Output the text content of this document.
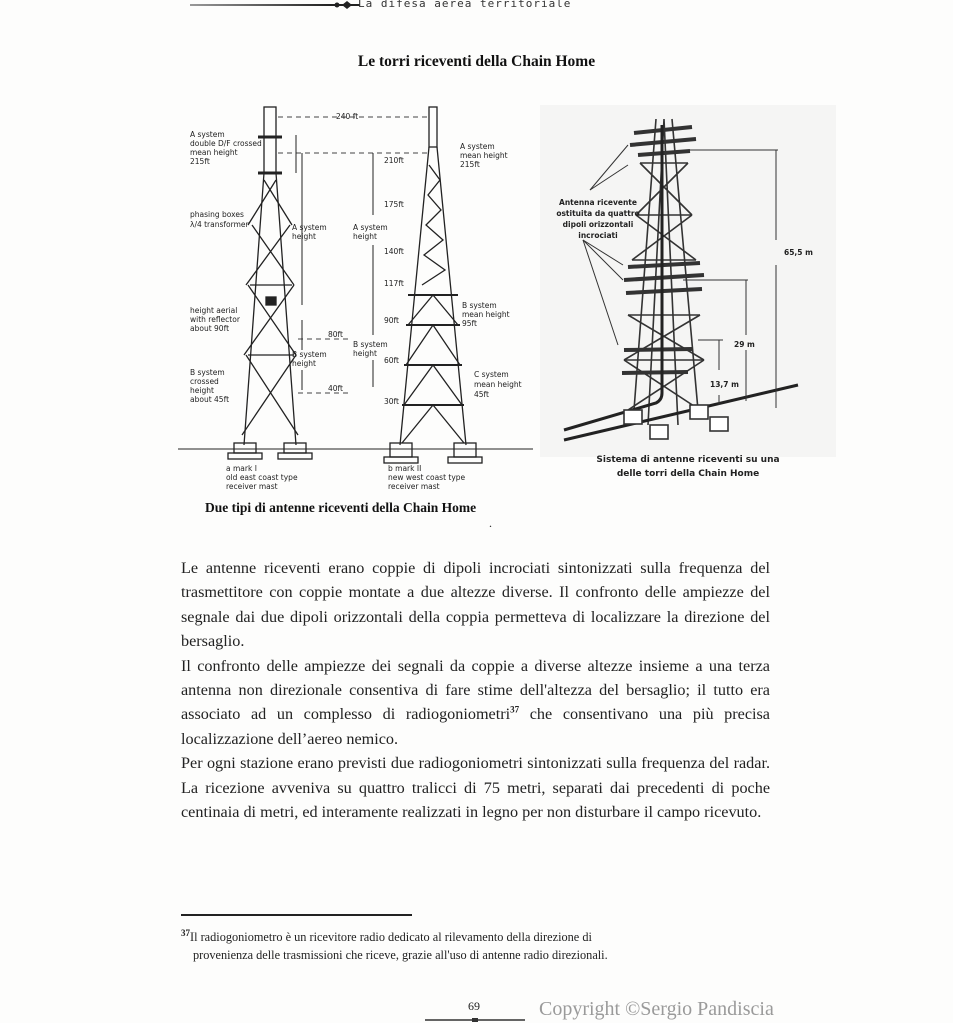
La difesa aerea territoriale
Le torri riceventi della Chain Home
240 ft
A system
double D/F crossed
mean height
215ft
phasing boxes
λ/4 transformer	A system
height
height aerial
with reflector
about 90ft
80ft
B system
height
B system
crossed
height
about 45ft
40ft
a mark I
old east coast type
receiver mast
A system
mean height
215ft
A system
height
210ft
175ft
140ft
117ft
90ft
60ft
30ft
B system
mean height
95ft
B system
height
C system
mean height
45ft
b mark II
new west coast type
receiver mast
Antenna ricevente
ostituita da quattro
dipoli orizzontali
incrociati
65,5 m
29 m
13,7 m
Sistema di antenne riceventi su una
delle torri della Chain Home
Due tipi di antenne riceventi della Chain Home
.

Le antenne riceventi erano coppie di dipoli incrociati sintonizzati sulla frequenza del trasmettitore con coppie montate a due altezze diverse. Il confronto delle ampiezze del segnale dai due dipoli orizzontali della coppia permetteva di localizzare la direzione del bersaglio.

Il confronto delle ampiezze dei segnali da coppie a diverse altezze insieme a una terza antenna non direzionale consentiva di fare stime dell'altezza del bersaglio; il tutto era associato ad un complesso di radiogoniometri$^{37}$ che consentivano una più precisa localizzazione dell’aereo nemico.

Per ogni stazione erano previsti due radiogoniometri sintonizzati sulla frequenza del radar. La ricezione avveniva su quattro tralicci di 75 metri, separati dai precedenti di poche centinaia di metri, ed interamente realizzati in legno per non disturbare il campo ricevuto.

$^{37}$Il radiogoniometro è un ricevitore radio dedicato al rilevamento della direzione di
provenienza delle trasmissioni che riceve, grazie all'uso di antenne radio direzionali.
69	Copyright ©Sergio Pandiscia
